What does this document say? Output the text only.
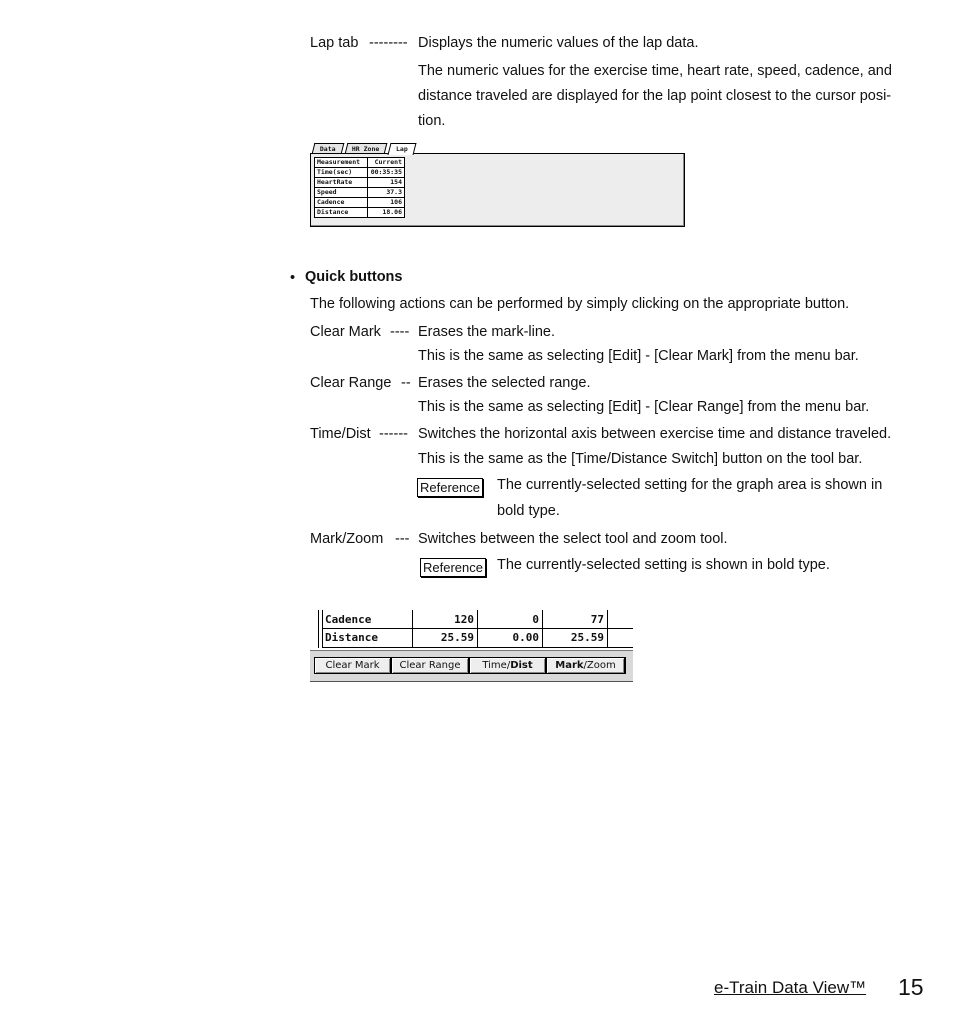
Lap tab -------- Displays the numeric values of the lap data.
The numeric values for the exercise time, heart rate, speed, cadence, and
distance traveled are displayed for the lap point closest to the cursor posi-
tion.
Data	HR Zone	Lap
Measurement	Current
Time(sec)	00:35:35
HeartRate	154
Speed	37.3
Cadence	106
Distance	18.06
• Quick buttons
The following actions can be performed by simply clicking on the appropriate button.
Clear Mark ---- Erases the mark-line.
This is the same as selecting [Edit] - [Clear Mark] from the menu bar.
Clear Range -- Erases the selected range.
This is the same as selecting [Edit] - [Clear Range] from the menu bar.
Time/Dist ------ Switches the horizontal axis between exercise time and distance traveled.
This is the same as the [Time/Distance Switch] button on the tool bar.
Reference The currently-selected setting for the graph area is shown in
bold type.
Mark/Zoom --- Switches between the select tool and zoom tool.
Reference The currently-selected setting is shown in bold type.
Cadence	120	0	77
Distance	25.59	0.00	25.59
Clear Mark	Clear Range	Time/Dist	Mark/Zoom
e-Train Data View™ 15
